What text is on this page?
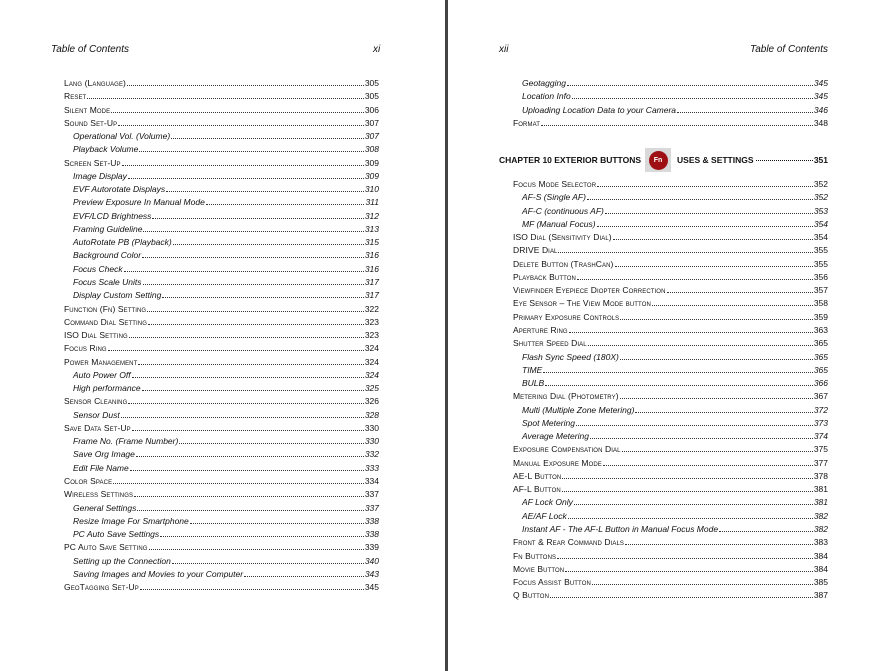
Table of Contents	xi
Lang (Language)	305
Reset	305
Silent Mode	306
Sound Set-Up	307
Operational Vol. (Volume)	307
Playback Volume	308
Screen Set-Up	309
Image Display	309
EVF Autorotate Displays	310
Preview Exposure In Manual Mode	311
EVF/LCD Brightness	312
Framing Guideline	313
AutoRotate PB (Playback)	315
Background Color	316
Focus Check	316
Focus Scale Units	317
Display Custom Setting	317
Function (Fn) Setting	322
Command Dial Setting	323
ISO Dial Setting	323
Focus Ring	324
Power Management	324
Auto Power Off	324
High performance	325
Sensor Cleaning	326
Sensor Dust	328
Save Data Set-Up	330
Frame No. (Frame Number)	330
Save Org Image	332
Edit File Name	333
Color Space	334
Wireless Settings	337
General Settings	337
Resize Image For Smartphone	338
PC Auto Save Settings	338
PC Auto Save Setting	339
Setting up the Connection	340
Saving Images and Movies to your Computer	343
GeoTagging Set-Up	345
xii	Table of Contents
Geotagging	345
Location Info	345
Uploading Location Data to your Camera	346
Format	348
CHAPTER 10 EXTERIOR BUTTONS	Fn	USES & SETTINGS	351
Focus Mode Selector	352
AF-S (Single AF)	352
AF-C (continuous AF)	353
MF (Manual Focus)	354
ISO Dial (Sensitivity Dial)	354
DRIVE Dial	355
Delete Button (TrashCan)	355
Playback Button	356
Viewfinder Eyepiece Diopter Correction	357
Eye Sensor – The View Mode button	358
Primary Exposure Controls	359
Aperture Ring	363
Shutter Speed Dial	365
Flash Sync Speed (180X)	365
TIME	365
BULB	366
Metering Dial (Photometry)	367
Multi (Multiple Zone Metering)	372
Spot Metering	373
Average Metering	374
Exposure Compensation Dial	375
Manual Exposure Mode	377
AE-L Button	378
AF-L Button	381
AF Lock Only	381
AE/AF Lock	382
Instant AF - The AF-L Button in Manual Focus Mode	382
Front & Rear Command Dials	383
Fn Buttons	384
Movie Button	384
Focus Assist Button	385
Q Button	387
